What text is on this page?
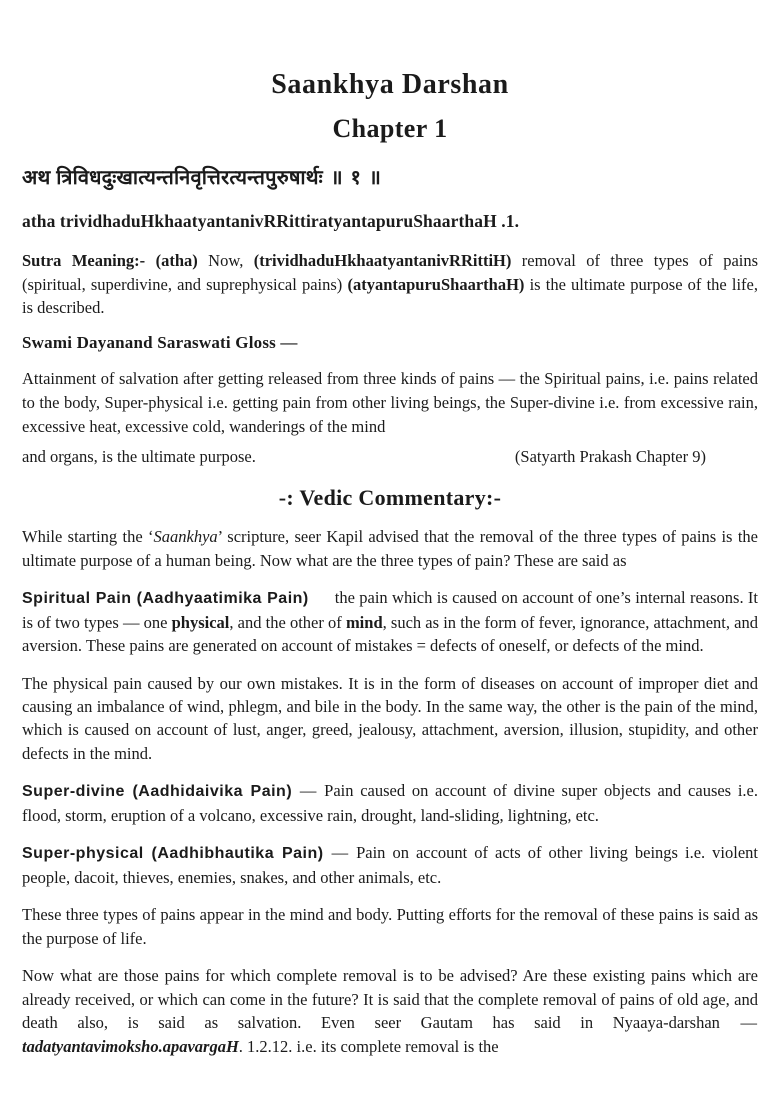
Saankhya Darshan
Chapter 1
अथ त्रिविधदुःखात्यन्तनिवृत्तिरत्यन्तपुरुषार्थः ॥ १ ॥
atha trividhaduHkhaatyantanivRRittiratyantapuruShaarthaH .1.

Sutra Meaning:- (atha) Now, (trividhaduHkhaatyantanivRRittiH) removal of three types of pains (spiritual, superdivine, and suprephysical pains) (atyantapuruShaarthaH) is the ultimate purpose of the life, is described.

Swami Dayanand Saraswati Gloss —

Attainment of salvation after getting released from three kinds of pains — the Spiritual pains, i.e. pains related to the body, Super-physical i.e. getting pain from other living beings, the Super-divine i.e. from excessive rain, excessive heat, excessive cold, wanderings of the mind

and organs, is the ultimate purpose.	(Satyarth Prakash Chapter 9)
-: Vedic Commentary:-

While starting the ‘Saankhya’ scripture, seer Kapil advised that the removal of the three types of pains is the ultimate purpose of a human being. Now what are the three types of pain? These are said as

Spiritual Pain (Aadhyaatimika Pain) the pain which is caused on account of one’s internal reasons. It is of two types — one physical, and the other of mind, such as in the form of fever, ignorance, attachment, and aversion. These pains are generated on account of mistakes = defects of oneself, or defects of the mind.

The physical pain caused by our own mistakes. It is in the form of diseases on account of improper diet and causing an imbalance of wind, phlegm, and bile in the body. In the same way, the other is the pain of the mind, which is caused on account of lust, anger, greed, jealousy, attachment, aversion, illusion, stupidity, and other defects in the mind.

Super-divine (Aadhidaivika Pain) — Pain caused on account of divine super objects and causes i.e. flood, storm, eruption of a volcano, excessive rain, drought, land-sliding, lightning, etc.

Super-physical (Aadhibhautika Pain) — Pain on account of acts of other living beings i.e. violent people, dacoit, thieves, enemies, snakes, and other animals, etc.

These three types of pains appear in the mind and body. Putting efforts for the removal of these pains is said as the purpose of life.

Now what are those pains for which complete removal is to be advised? Are these existing pains which are already received, or which can come in the future? It is said that the complete removal of pains of old age, and death also, is said as salvation. Even seer Gautam has said in Nyaaya-darshan — tadatyantavimoksho.apavargaH. 1.2.12. i.e. its complete removal is the
